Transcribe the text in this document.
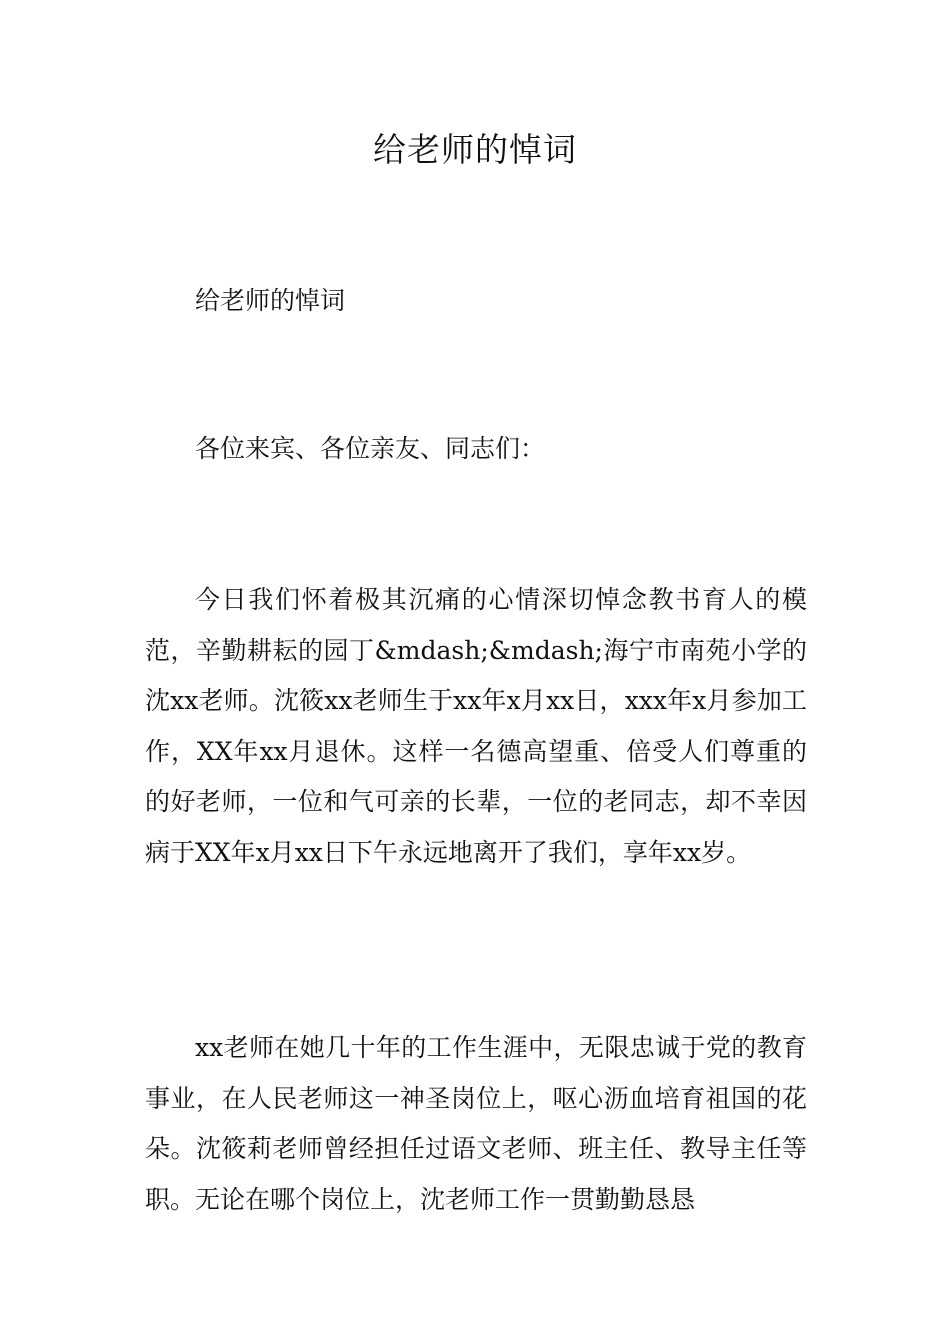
给老师的悼词

给老师的悼词

各位来宾、各位亲友、同志们：

今日我们怀着极其沉痛的心情深切悼念教书育人的模范，辛勤耕耘的园丁&mdash;&mdash;海宁市南苑小学的沈xx老师。沈筱xx老师生于xx年x月xx日，xxx年x月参加工作，XX年xx月退休。这样一名德高望重、倍受人们尊重的的好老师，一位和气可亲的长辈，一位的老同志，却不幸因病于XX年x月xx日下午永远地离开了我们，享年xx岁。

xx老师在她几十年的工作生涯中，无限忠诚于党的教育事业，在人民老师这一神圣岗位上，呕心沥血培育祖国的花朵。沈筱莉老师曾经担任过语文老师、班主任、教导主任等职。无论在哪个岗位上，沈老师工作一贯勤勤恳恳
